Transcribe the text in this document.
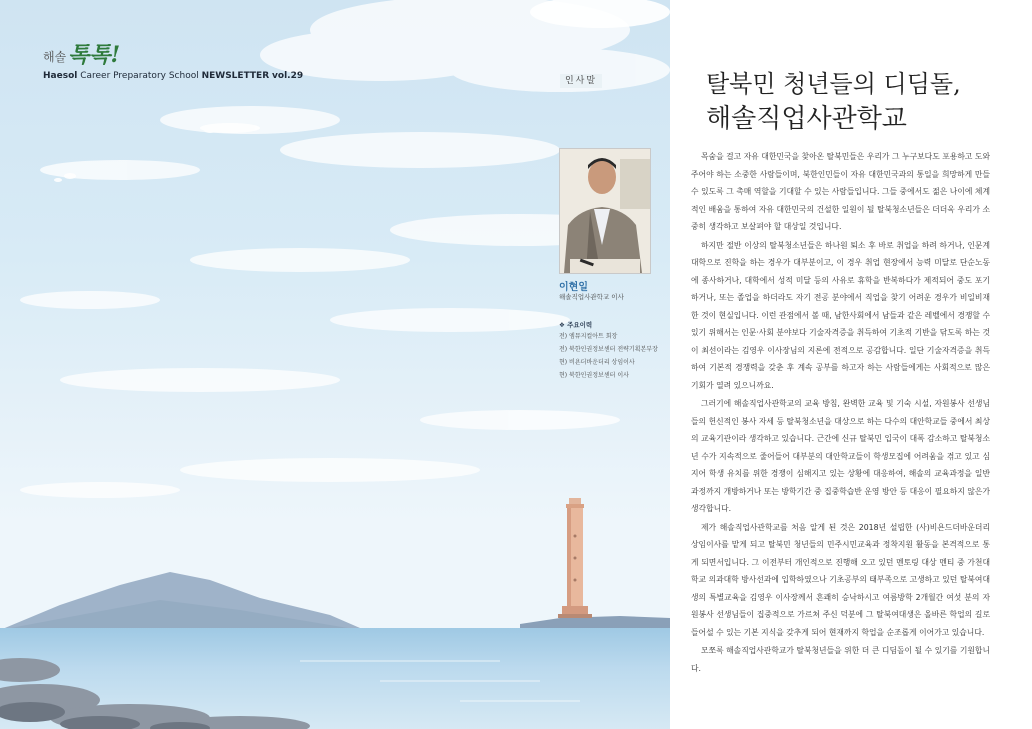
해솔 톡톡!
Haesol Career Preparatory School NEWSLETTER vol.29	인사말
이현일
해솔직업사관학교 이사
❖ 주요이력
전) 엠뮤지컬아트 회장
전) 북한인권정보센터 전략기획본부장
현) 비욘더바운더리 상임이사
현) 북한인권정보센터 이사
탈북민 청년들의 디딤돌,
해솔직업사관학교

목숨을 걸고 자유 대한민국을 찾아온 탈북민들은 우리가 그 누구보다도 포용하고 도와주어야 하는 소중한 사람들이며, 북한인민들이 자유 대한민국과의 통일을 희망하게 만들 수 있도록 그 촉매 역할을 기대할 수 있는 사람들입니다. 그들 중에서도 젊은 나이에 체계적인 배움을 통하여 자유 대한민국의 건설한 일원이 될 탈북청소년들은 더더욱 우리가 소중히 생각하고 보살펴야 할 대상일 것입니다.

하지만 절반 이상의 탈북청소년들은 하나원 퇴소 후 바로 취업을 하려 하거나, 인문계 대학으로 진학을 하는 경우가 대부분이고, 이 경우 취업 현장에서 능력 미달로 단순노동에 종사하거나, 대학에서 성적 미달 등의 사유로 휴학을 반복하다가 제적되어 중도 포기하거나, 또는 졸업을 하더라도 자기 전공 분야에서 직업을 찾기 어려운 경우가 비일비재한 것이 현실입니다. 이런 관점에서 볼 때, 남한사회에서 남들과 같은 레벨에서 경쟁할 수 있기 위해서는 인문·사회 분야보다 기술자격증을 취득하여 기초적 기반을 닦도록 하는 것이 최선이라는 김영우 이사장님의 지론에 전적으로 공감합니다. 일단 기술자격증을 취득하여 기본적 경쟁력을 갖춘 후 계속 공부를 하고자 하는 사람들에게는 사회적으로 많은 기회가 열려 있으니까요.

그러기에 해솔직업사관학교의 교육 방침, 완벽한 교육 및 기숙 시설, 자원봉사 선생님들의 헌신적인 봉사 자세 등 탈북청소년을 대상으로 하는 다수의 대안학교들 중에서 최상의 교육기관이라 생각하고 있습니다. 근간에 신규 탈북민 입국이 대폭 감소하고 탈북청소년 수가 지속적으로 줄어들어 대부분의 대안학교들이 학생모집에 어려움을 겪고 있고 심지어 학생 유치를 위한 경쟁이 심해지고 있는 상황에 대응하여, 해솔의 교육과정을 일반과정까지 개방하거나 또는 방학기간 중 집중학습반 운영 방안 등 대응이 필요하지 않은가 생각합니다.

제가 해솔직업사관학교를 처음 알게 된 것은 2018년 설립한 (사)비욘드더바운더리 상임이사를 맡게 되고 탈북민 청년들의 민주시민교육과 정착지원 활동을 본격적으로 통게 되면서입니다. 그 이전부터 개인적으로 진행해 오고 있던 멘토링 대상 멘티 중 가천대학교 의과대학 방사선과에 입학하였으나 기초공부의 태부족으로 고생하고 있던 탈북여대생의 특별교육을 김영우 이사장께서 흔쾌히 승낙하시고 여름방학 2개월간 여섯 분의 자원봉사 선생님들이 집중적으로 가르쳐 주신 덕분에 그 탈북여대생은 올바른 학업의 길로 들어설 수 있는 기본 지식을 갖추게 되어 현재까지 학업을 순조롭게 이어가고 있습니다.

모쪼록 해솔직업사관학교가 탈북청년들을 위한 더 큰 디딤돌이 될 수 있기를 기원합니다.
